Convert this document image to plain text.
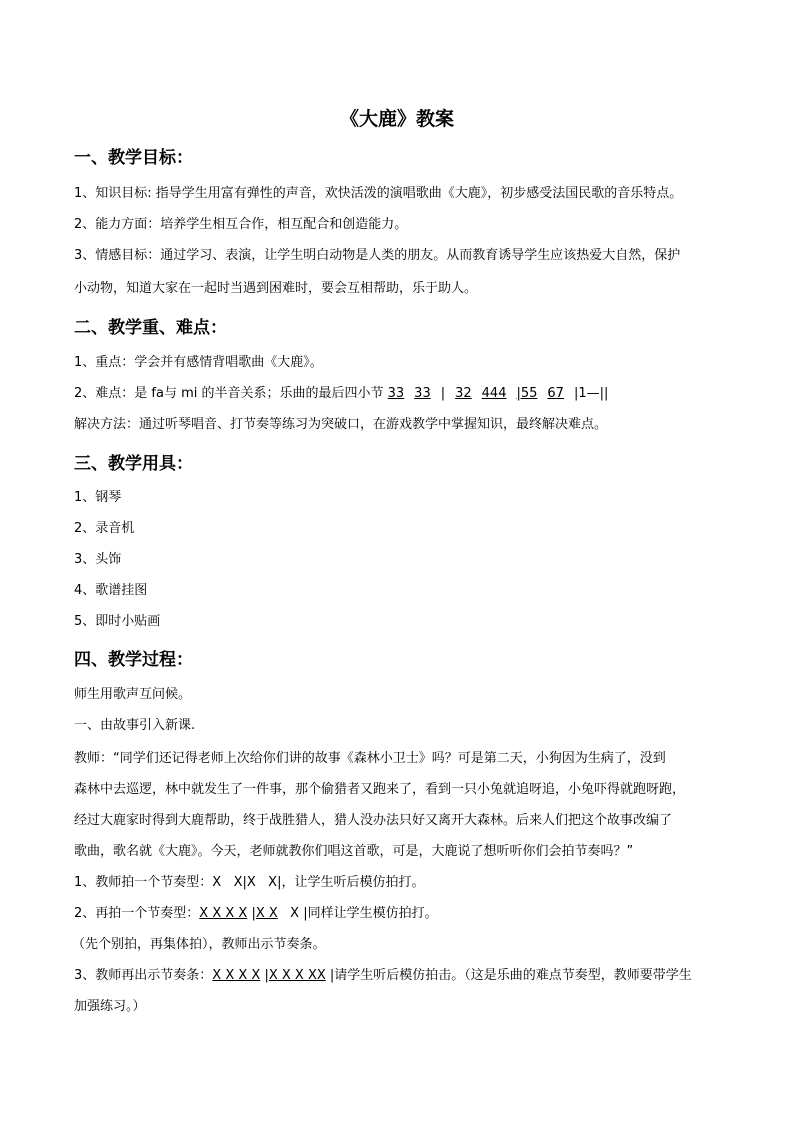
《大鹿》教案
一、教学目标：
1、知识目标: 指导学生用富有弹性的声音，欢快活泼的演唱歌曲《大鹿》，初步感受法国民歌的音乐特点。
2、能力方面：培养学生相互合作，相互配合和创造能力。
3、情感目标：通过学习、表演，让学生明白动物是人类的朋友。从而教育诱导学生应该热爱大自然，保护
小动物，知道大家在一起时当遇到困难时，要会互相帮助，乐于助人。
二、教学重、难点：
1、重点：学会并有感情背唱歌曲《大鹿》。
2、难点：是 fa与 mi 的半音关系；乐曲的最后四小节 33 33 | 32 444 |55 67 |1—||
解决方法：通过听琴唱音、打节奏等练习为突破口，在游戏教学中掌握知识，最终解决难点。
三、教学用具：
1、钢琴
2、录音机
3、头饰
4、歌谱挂图
5、即时小贴画
四、教学过程：
师生用歌声互问候。
一、由故事引入新课.
教师：“同学们还记得老师上次给你们讲的故事《森林小卫士》吗？可是第二天，小狗因为生病了，没到
森林中去巡逻，林中就发生了一件事，那个偷猎者又跑来了，看到一只小兔就追呀追，小兔吓得就跑呀跑，
经过大鹿家时得到大鹿帮助，终于战胜猎人，猎人没办法只好又离开大森林。后来人们把这个故事改编了
歌曲，歌名就《大鹿》。今天，老师就教你们唱这首歌，可是，大鹿说了想听听你们会拍节奏吗？”
1、教师拍一个节奏型：X   X|X   X|，让学生听后模仿拍打。
2、再拍一个节奏型：X X X X |X X   X |同样让学生模仿拍打。
（先个别拍，再集体拍），教师出示节奏条。
3、教师再出示节奏条：X X X X |X X X XX |请学生听后模仿拍击。（这是乐曲的难点节奏型，教师要带学生
加强练习。）
